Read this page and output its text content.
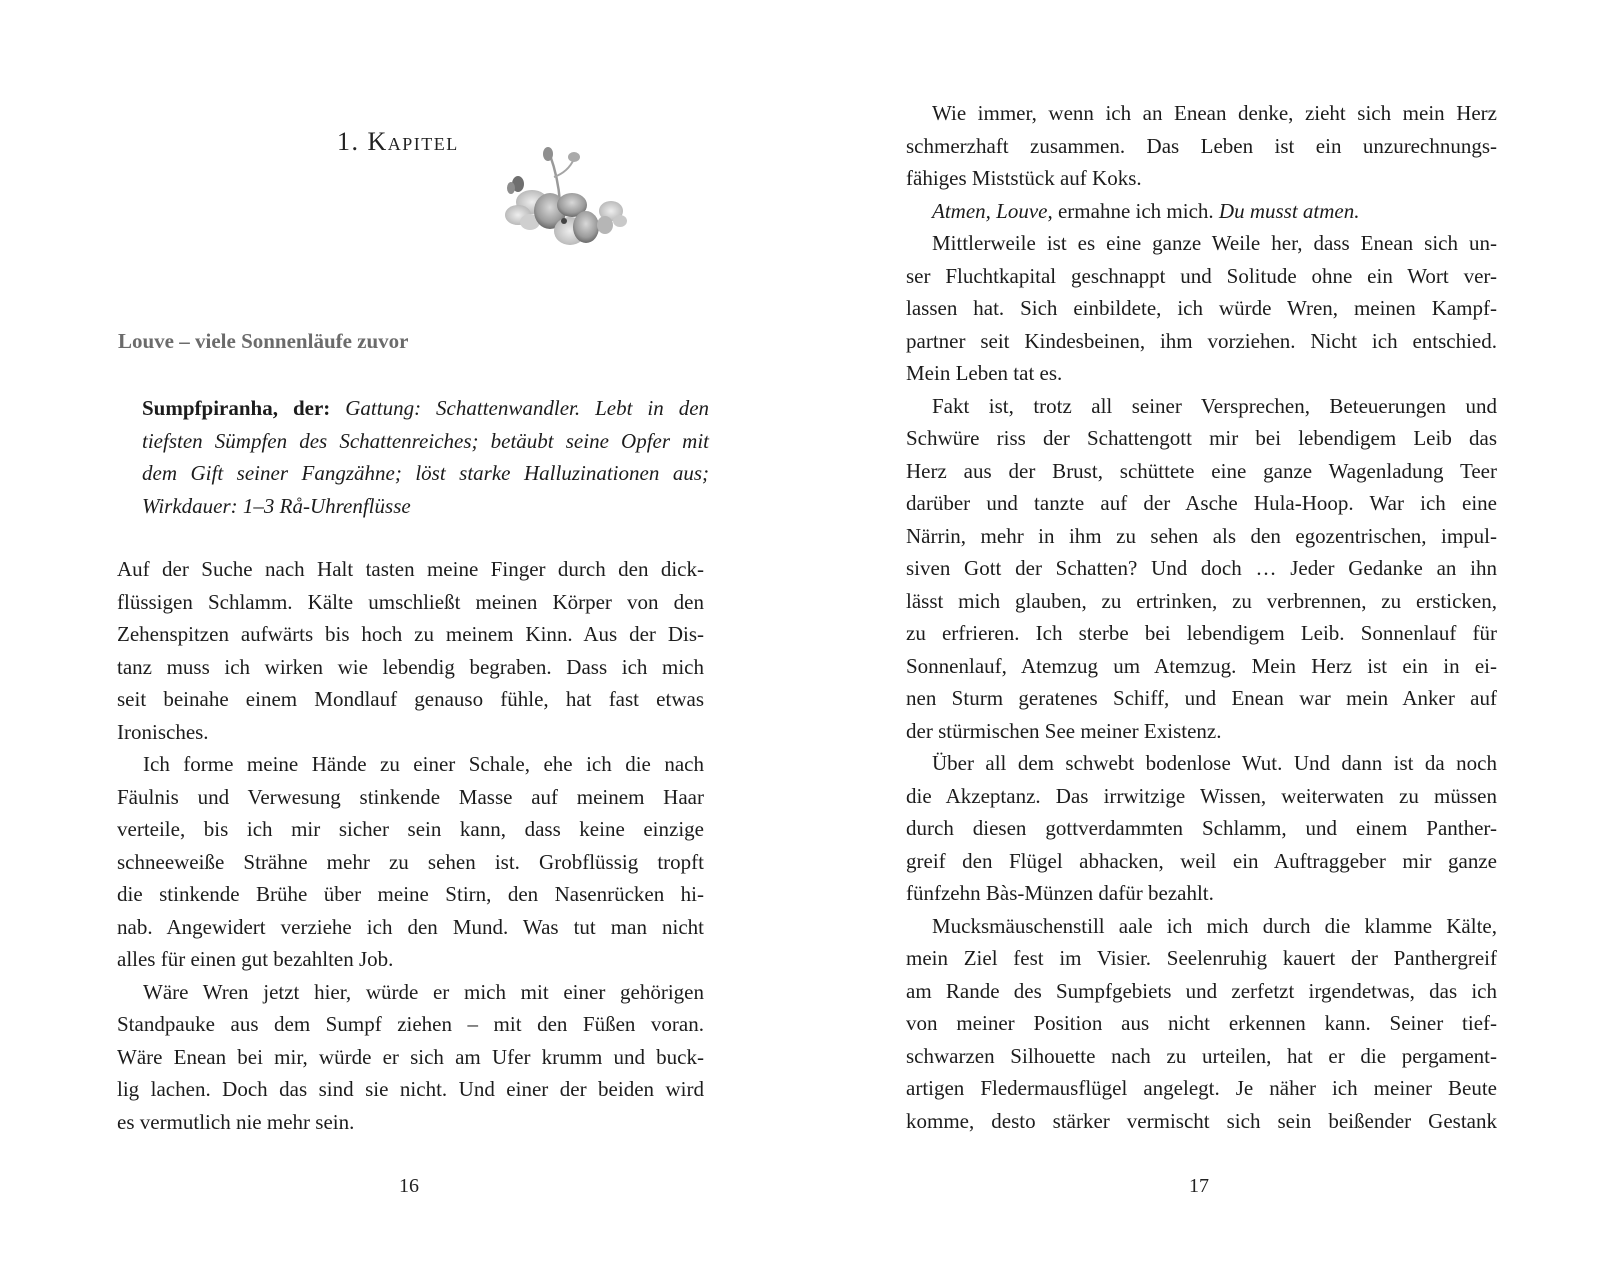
1. Kapitel
Louve – viele Sonnenläufe zuvor
Sumpfpiranha, der: Gattung: Schattenwandler. Lebt in den
tiefsten Sümpfen des Schattenreiches; betäubt seine Opfer mit
dem Gift seiner Fangzähne; löst starke Halluzinationen aus;
Wirkdauer: 1–3 Rå-Uhrenflüsse

Auf der Suche nach Halt tasten meine Finger durch den dick-
flüssigen Schlamm. Kälte umschließt meinen Körper von den
Zehenspitzen aufwärts bis hoch zu meinem Kinn. Aus der Dis-
tanz muss ich wirken wie lebendig begraben. Dass ich mich
seit beinahe einem Mondlauf genauso fühle, hat fast etwas
Ironisches.

Ich forme meine Hände zu einer Schale, ehe ich die nach
Fäulnis und Verwesung stinkende Masse auf meinem Haar
verteile, bis ich mir sicher sein kann, dass keine einzige
schneeweiße Strähne mehr zu sehen ist. Grobflüssig tropft
die stinkende Brühe über meine Stirn, den Nasenrücken hi-
nab. Angewidert verziehe ich den Mund. Was tut man nicht
alles für einen gut bezahlten Job.

Wäre Wren jetzt hier, würde er mich mit einer gehörigen
Standpauke aus dem Sumpf ziehen – mit den Füßen voran.
Wäre Enean bei mir, würde er sich am Ufer krumm und buck-
lig lachen. Doch das sind sie nicht. Und einer der beiden wird
es vermutlich nie mehr sein.

16

Wie immer, wenn ich an Enean denke, zieht sich mein Herz
schmerzhaft zusammen. Das Leben ist ein unzurechnungs-
fähiges Miststück auf Koks.

Atmen, Louve, ermahne ich mich. Du musst atmen.

Mittlerweile ist es eine ganze Weile her, dass Enean sich un-
ser Fluchtkapital geschnappt und Solitude ohne ein Wort ver-
lassen hat. Sich einbildete, ich würde Wren, meinen Kampf-
partner seit Kindesbeinen, ihm vorziehen. Nicht ich entschied.
Mein Leben tat es.

Fakt ist, trotz all seiner Versprechen, Beteuerungen und
Schwüre riss der Schattengott mir bei lebendigem Leib das
Herz aus der Brust, schüttete eine ganze Wagenladung Teer
darüber und tanzte auf der Asche Hula-Hoop. War ich eine
Närrin, mehr in ihm zu sehen als den egozentrischen, impul-
siven Gott der Schatten? Und doch … Jeder Gedanke an ihn
lässt mich glauben, zu ertrinken, zu verbrennen, zu ersticken,
zu erfrieren. Ich sterbe bei lebendigem Leib. Sonnenlauf für
Sonnenlauf, Atemzug um Atemzug. Mein Herz ist ein in ei-
nen Sturm geratenes Schiff, und Enean war mein Anker auf
der stürmischen See meiner Existenz.

Über all dem schwebt bodenlose Wut. Und dann ist da noch
die Akzeptanz. Das irrwitzige Wissen, weiterwaten zu müssen
durch diesen gottverdammten Schlamm, und einem Panther-
greif den Flügel abhacken, weil ein Auftraggeber mir ganze
fünfzehn Bàs-Münzen dafür bezahlt.

Mucksmäuschenstill aale ich mich durch die klamme Kälte,
mein Ziel fest im Visier. Seelenruhig kauert der Panthergreif
am Rande des Sumpfgebiets und zerfetzt irgendetwas, das ich
von meiner Position aus nicht erkennen kann. Seiner tief-
schwarzen Silhouette nach zu urteilen, hat er die pergament-
artigen Fledermausflügel angelegt. Je näher ich meiner Beute
komme, desto stärker vermischt sich sein beißender Gestank

17
